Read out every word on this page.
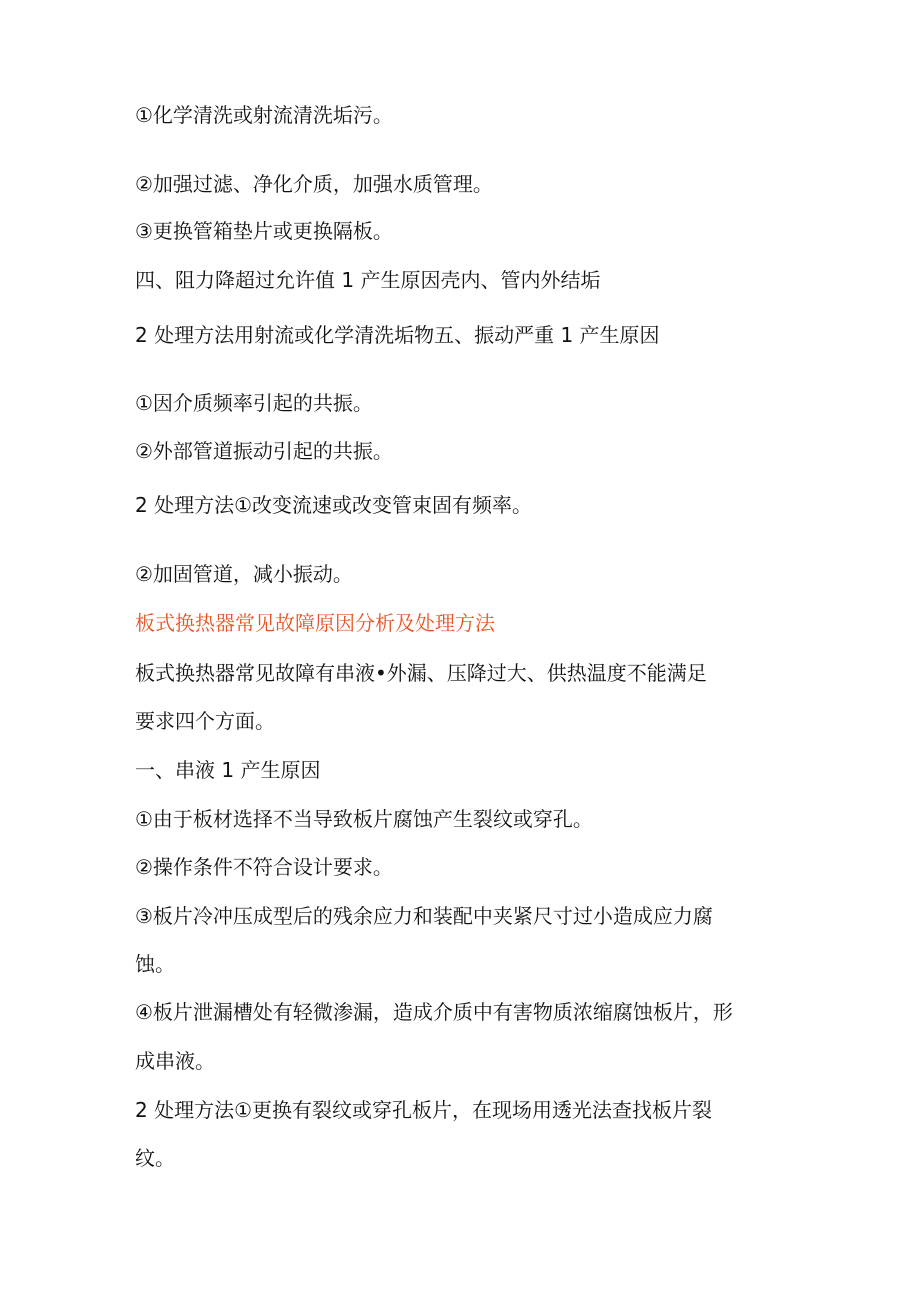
①化学清洗或射流清洗垢污。

②加强过滤、净化介质，加强水质管理。

③更换管箱垫片或更换隔板。

四、阻力降超过允许值 1 产生原因壳内、管内外结垢

2 处理方法用射流或化学清洗垢物五、振动严重 1 产生原因

①因介质频率引起的共振。

②外部管道振动引起的共振。

2 处理方法①改变流速或改变管束固有频率。

②加固管道，减小振动。

板式换热器常见故障原因分析及处理方法

板式换热器常见故障有串液•外漏、压降过大、供热温度不能满足

要求四个方面。

一、串液 1 产生原因

①由于板材选择不当导致板片腐蚀产生裂纹或穿孔。

②操作条件不符合设计要求。

③板片冷冲压成型后的残余应力和装配中夹紧尺寸过小造成应力腐

蚀。

④板片泄漏槽处有轻微渗漏，造成介质中有害物质浓缩腐蚀板片，形

成串液。

2 处理方法①更换有裂纹或穿孔板片，在现场用透光法查找板片裂

纹。
